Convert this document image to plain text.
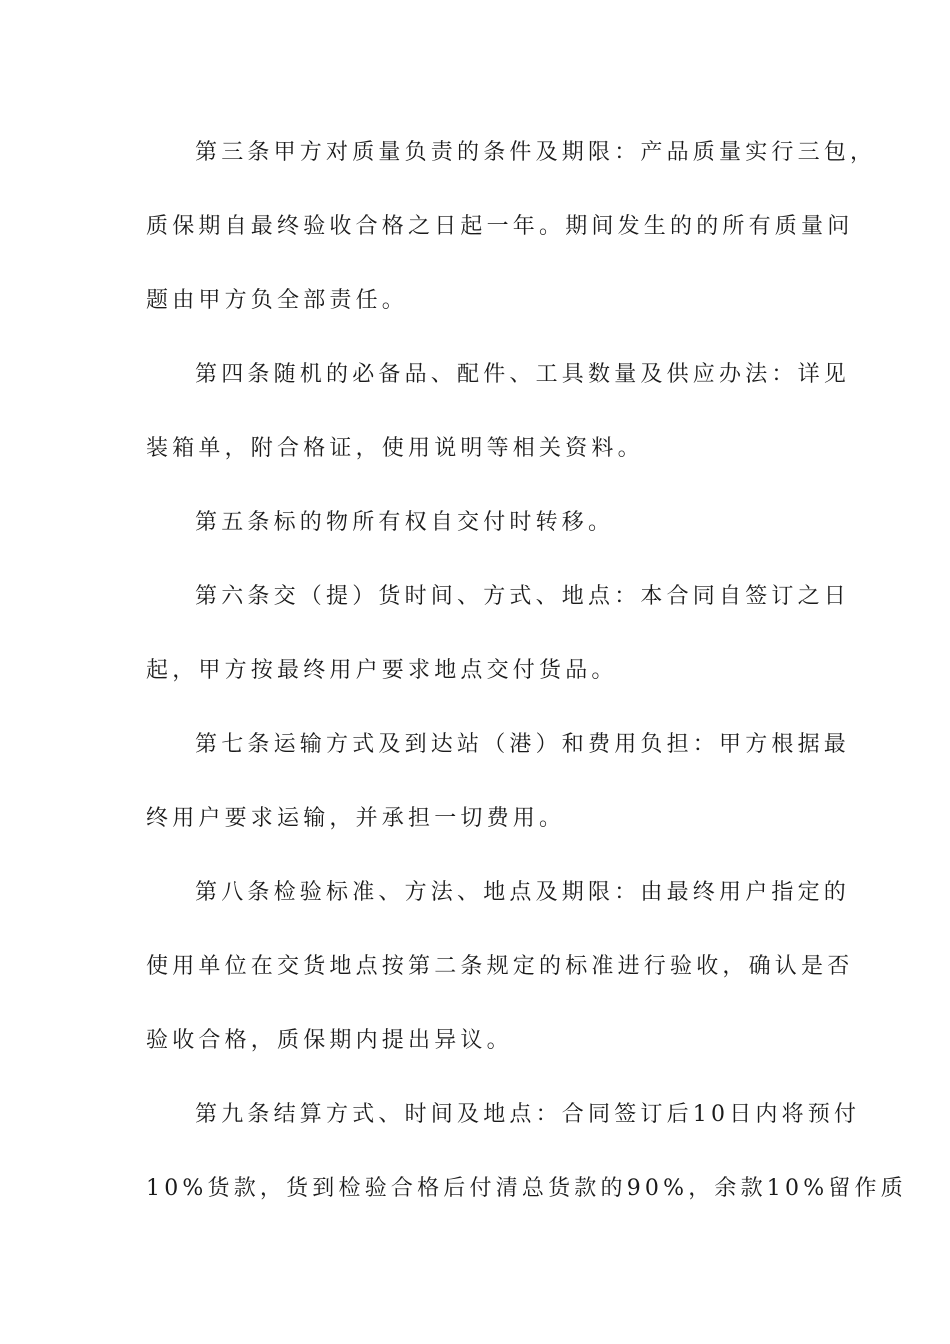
第三条甲方对质量负责的条件及期限：产品质量实行三包，
质保期自最终验收合格之日起一年。期间发生的的所有质量问
题由甲方负全部责任。
第四条随机的必备品、配件、工具数量及供应办法：详见
装箱单，附合格证，使用说明等相关资料。
第五条标的物所有权自交付时转移。
第六条交（提）货时间、方式、地点：本合同自签订之日
起，甲方按最终用户要求地点交付货品。
第七条运输方式及到达站（港）和费用负担：甲方根据最
终用户要求运输，并承担一切费用。
第八条检验标准、方法、地点及期限：由最终用户指定的
使用单位在交货地点按第二条规定的标准进行验收，确认是否
验收合格，质保期内提出异议。
第九条结算方式、时间及地点：合同签订后10日内将预付
10%货款，货到检验合格后付清总货款的90%，余款10%留作质
